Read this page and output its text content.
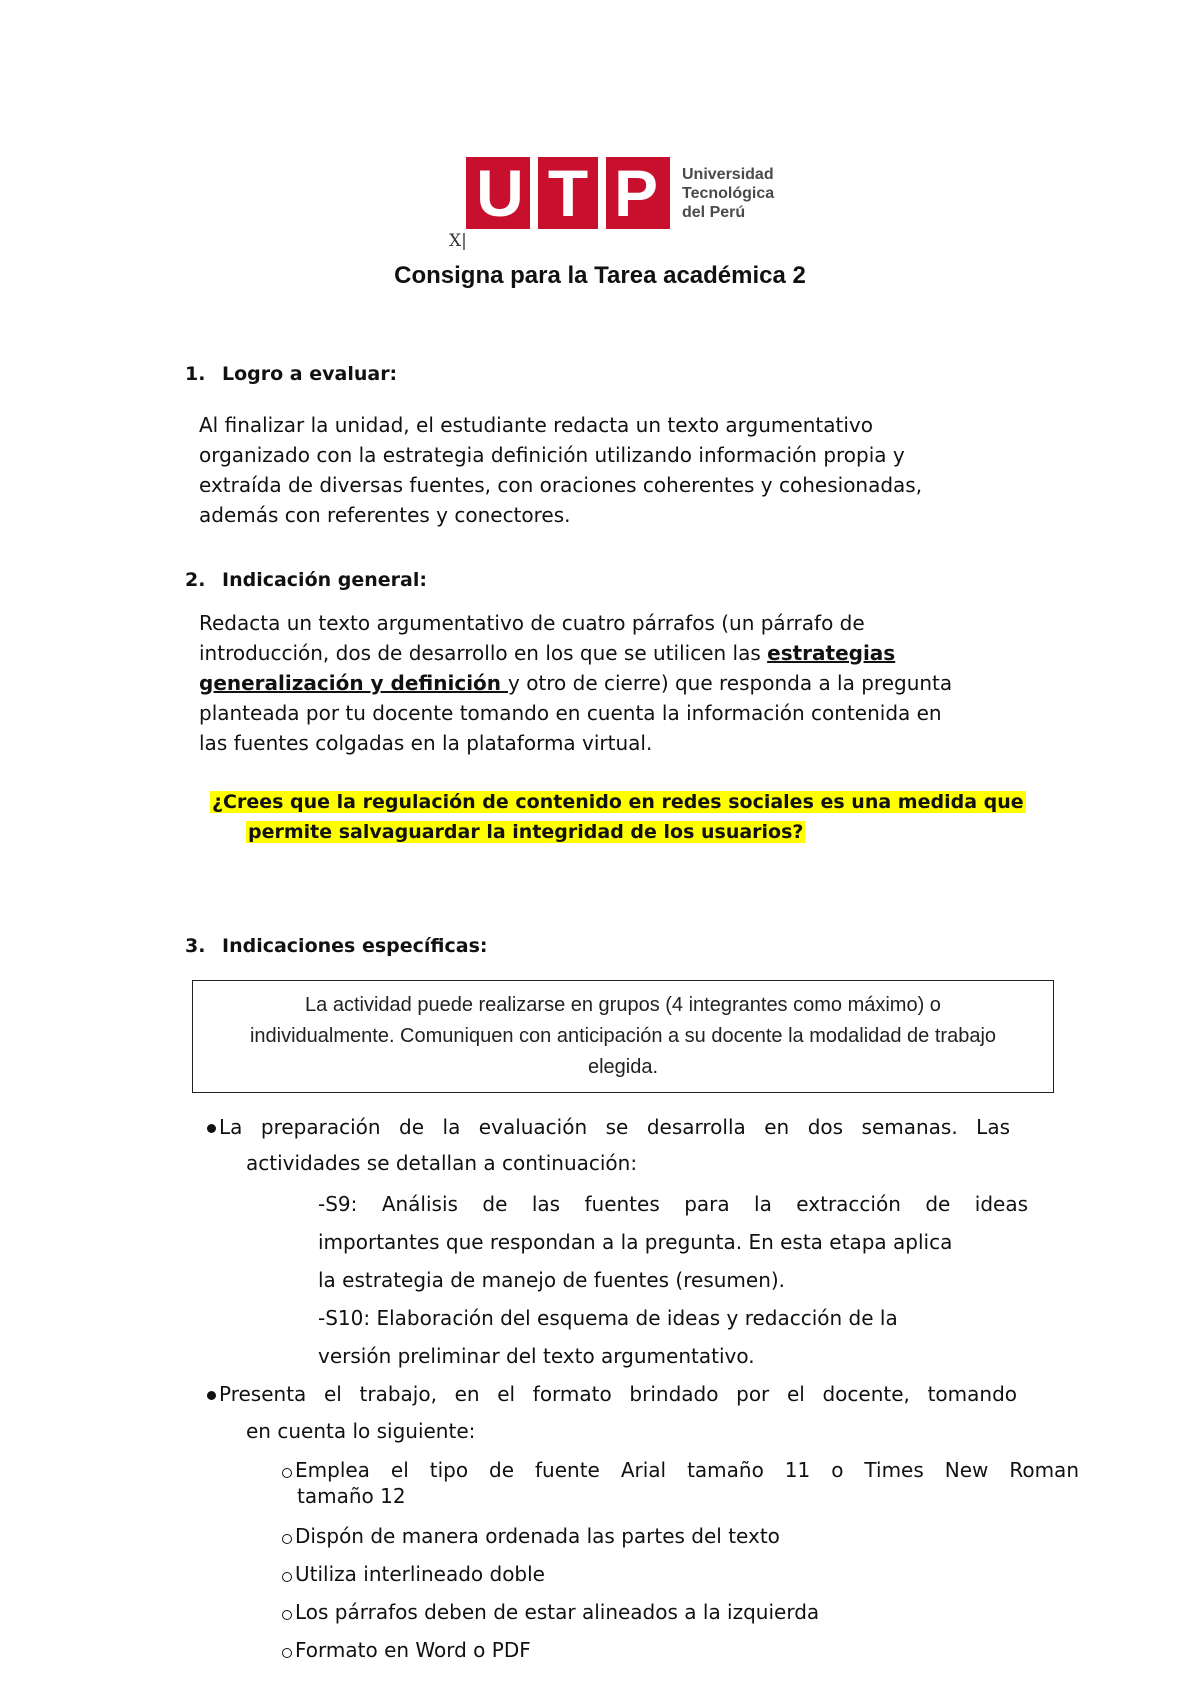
U T P	Universidad
Tecnológica
del Perú
X|
Consigna para la Tarea académica 2

1. Logro a evaluar:

Al finalizar la unidad, el estudiante redacta un texto argumentativo
organizado con la estrategia definición utilizando información propia y
extraída de diversas fuentes, con oraciones coherentes y cohesionadas,
además con referentes y conectores.

2. Indicación general:

Redacta un texto argumentativo de cuatro párrafos (un párrafo de
introducción, dos de desarrollo en los que se utilicen las estrategias
generalización y definición y otro de cierre) que responda a la pregunta
planteada por tu docente tomando en cuenta la información contenida en
las fuentes colgadas en la plataforma virtual.
¿Crees que la regulación de contenido en redes sociales es una medida que
permite salvaguardar la integridad de los usuarios?

3. Indicaciones específicas:

La actividad puede realizarse en grupos (4 integrantes como máximo) o
individualmente. Comuniquen con anticipación a su docente la modalidad de trabajo
elegida.
La preparación de la evaluación se desarrolla en dos semanas. Las
actividades se detallan a continuación:
-S9: Análisis de las fuentes para la extracción de ideas
importantes que respondan a la pregunta. En esta etapa aplica
la estrategia de manejo de fuentes (resumen).
-S10: Elaboración del esquema de ideas y redacción de la
versión preliminar del texto argumentativo.
Presenta el trabajo, en el formato brindado por el docente, tomando
en cuenta lo siguiente:
Emplea el tipo de fuente Arial tamaño 11 o Times New Roman
tamaño 12
Dispón de manera ordenada las partes del texto
Utiliza interlineado doble
Los párrafos deben de estar alineados a la izquierda
Formato en Word o PDF
